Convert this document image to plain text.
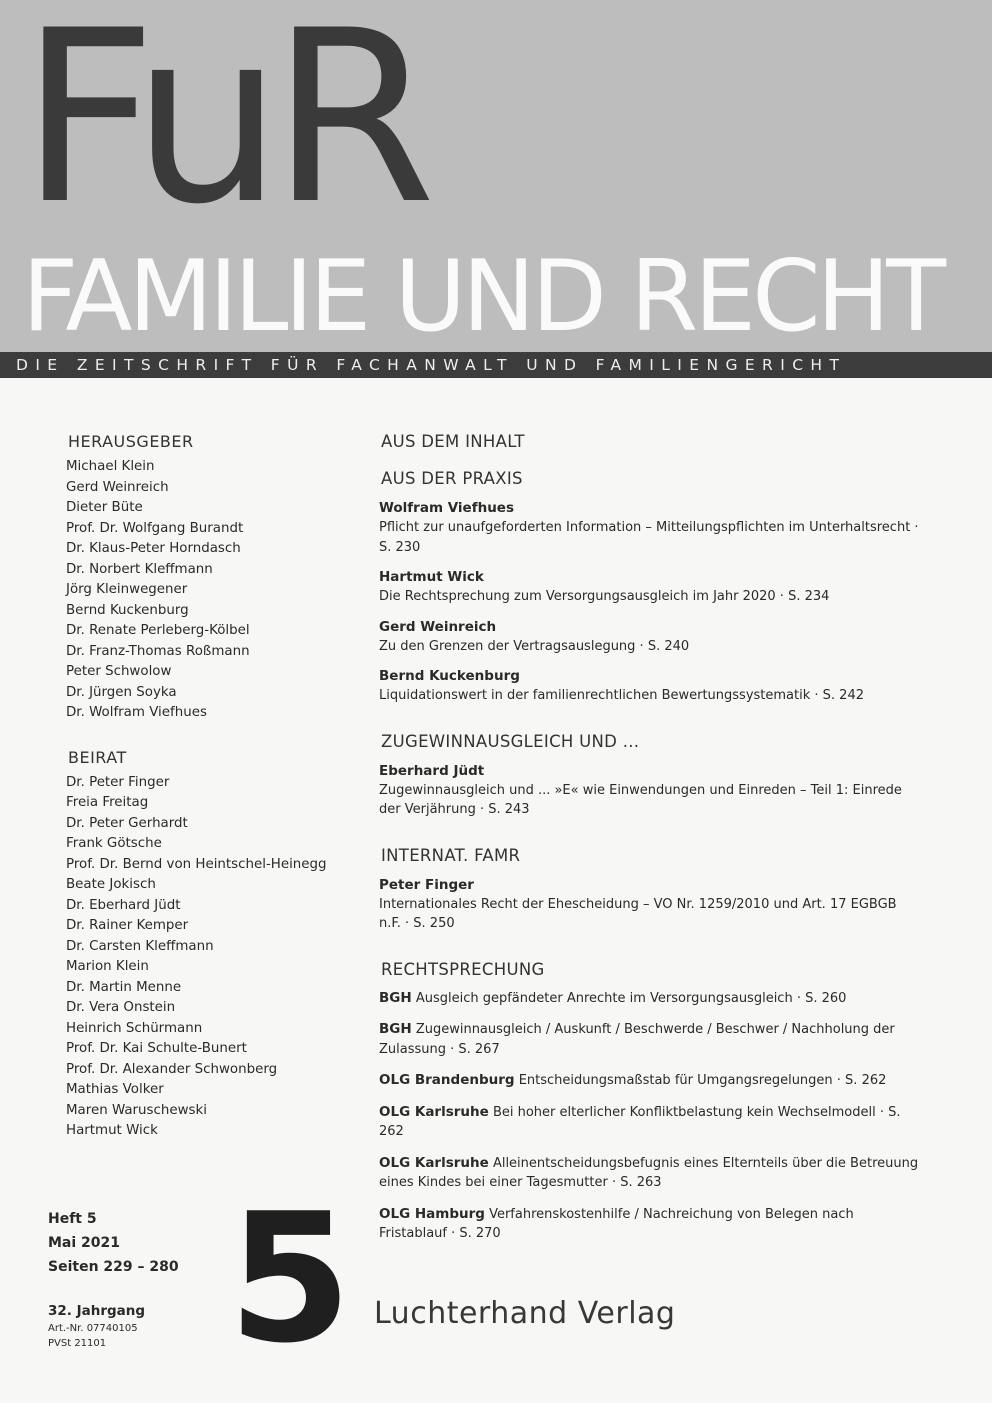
FuR
FAMILIE UND RECHT
DIE ZEITSCHRIFT FÜR FACHANWALT UND FAMILIENGERICHT
HERAUSGEBER
Michael Klein
Gerd Weinreich
Dieter Büte
Prof. Dr. Wolfgang Burandt
Dr. Klaus-Peter Horndasch
Dr. Norbert Kleffmann
Jörg Kleinwegener
Bernd Kuckenburg
Dr. Renate Perleberg-Kölbel
Dr. Franz-Thomas Roßmann
Peter Schwolow
Dr. Jürgen Soyka
Dr. Wolfram Viefhues
BEIRAT
Dr. Peter Finger
Freia Freitag
Dr. Peter Gerhardt
Frank Götsche
Prof. Dr. Bernd von Heintschel-Heinegg
Beate Jokisch
Dr. Eberhard Jüdt
Dr. Rainer Kemper
Dr. Carsten Kleffmann
Marion Klein
Dr. Martin Menne
Dr. Vera Onstein
Heinrich Schürmann
Prof. Dr. Kai Schulte-Bunert
Prof. Dr. Alexander Schwonberg
Mathias Volker
Maren Waruschewski
Hartmut Wick
AUS DEM INHALT
AUS DER PRAXIS
Wolfram Viefhues
Pflicht zur unaufgeforderten Information – Mitteilungspflichten im Unterhaltsrecht · S. 230
Hartmut Wick
Die Rechtsprechung zum Versorgungsausgleich im Jahr 2020 · S. 234
Gerd Weinreich
Zu den Grenzen der Vertragsauslegung · S. 240
Bernd Kuckenburg
Liquidationswert in der familienrechtlichen Bewertungssystematik · S. 242
ZUGEWINNAUSGLEICH UND ...
Eberhard Jüdt
Zugewinnausgleich und ... »E« wie Einwendungen und Einreden – Teil 1: Einrede der Verjährung · S. 243
INTERNAT. FAMR
Peter Finger
Internationales Recht der Ehescheidung – VO Nr. 1259/2010 und Art. 17 EGBGB n.F. · S. 250
RECHTSPRECHUNG
BGH Ausgleich gepfändeter Anrechte im Versorgungsausgleich · S. 260
BGH Zugewinnausgleich / Auskunft / Beschwerde / Beschwer / Nachholung der Zulassung · S. 267
OLG Brandenburg Entscheidungsmaßstab für Umgangsregelungen · S. 262
OLG Karlsruhe Bei hoher elterlicher Konfliktbelastung kein Wechselmodell · S. 262
OLG Karlsruhe Alleinentscheidungsbefugnis eines Elternteils über die Betreuung eines Kindes bei einer Tagesmutter · S. 263
OLG Hamburg Verfahrenskostenhilfe / Nachreichung von Belegen nach Fristablauf · S. 270
Heft 5
Mai 2021
Seiten 229 – 280
32. Jahrgang
Art.-Nr. 07740105
PVSt 21101 5 Luchterhand Verlag
